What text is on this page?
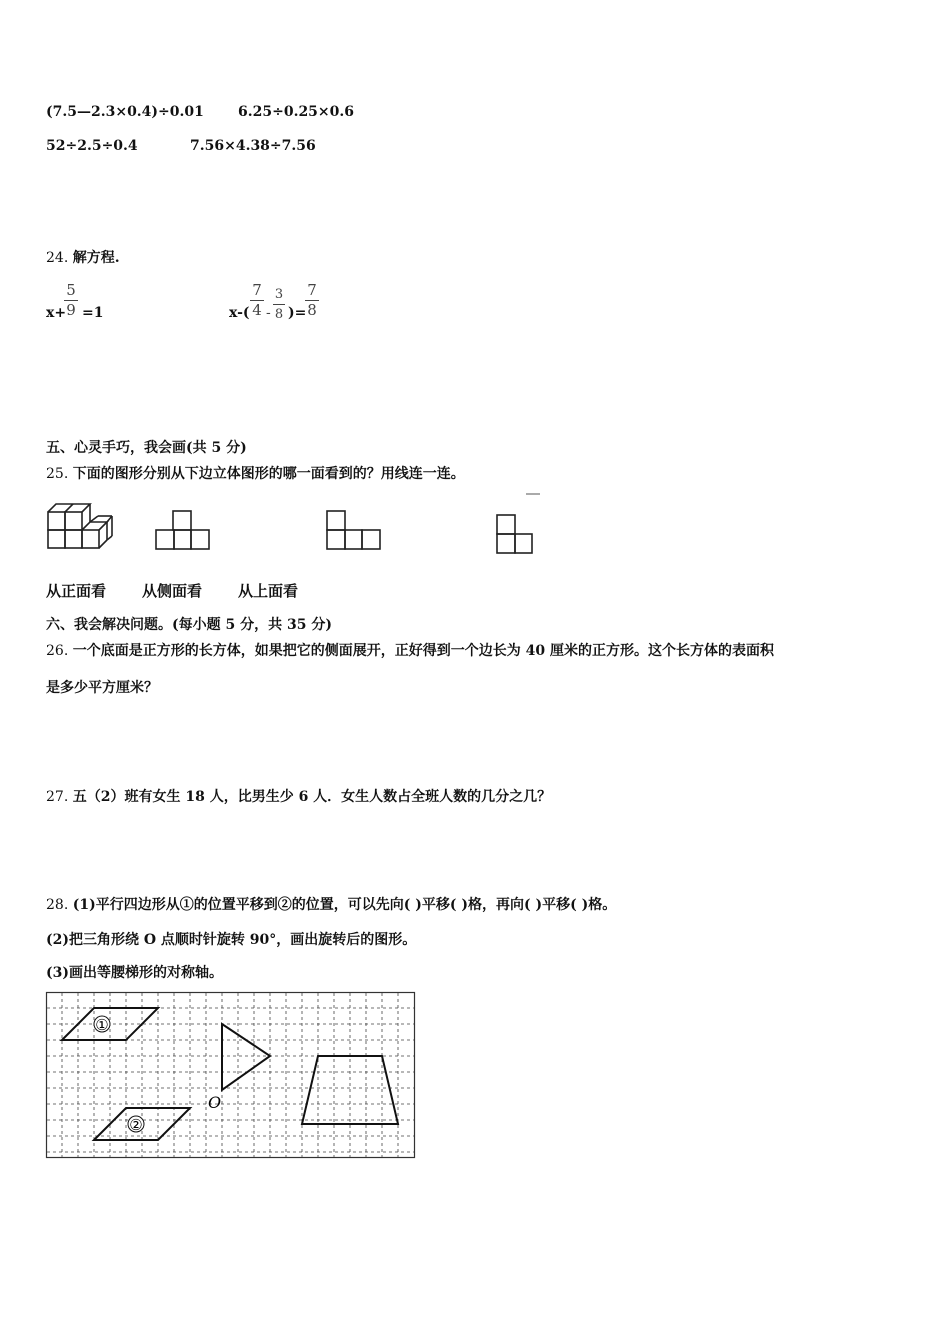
(7.5—2.3×0.4)÷0.01 6.25÷0.25×0.6
52÷2.5÷0.4	7.56×4.38÷7.56
24. 解方程.
x+
5
9 =1	x-(
7
4 -
3
8 )=
7
8
五、心灵手巧，我会画(共 5 分)
25. 下面的图形分别从下边立体图形的哪一面看到的？用线连一连。
从正面看 从侧面看 从上面看
六、我会解决问题。(每小题 5 分，共 35 分)
26. 一个底面是正方形的长方体，如果把它的侧面展开，正好得到一个边长为 40 厘米的正方形。这个长方体的表面积
是多少平方厘米？
27. 五（2）班有女生 18 人，比男生少 6 人．女生人数占全班人数的几分之几？
28. (1)平行四边形从①的位置平移到②的位置，可以先向( )平移( )格，再向( )平移( )格。
(2)把三角形绕 O 点顺时针旋转 90°，画出旋转后的图形。
(3)画出等腰梯形的对称轴。
①
②
O
